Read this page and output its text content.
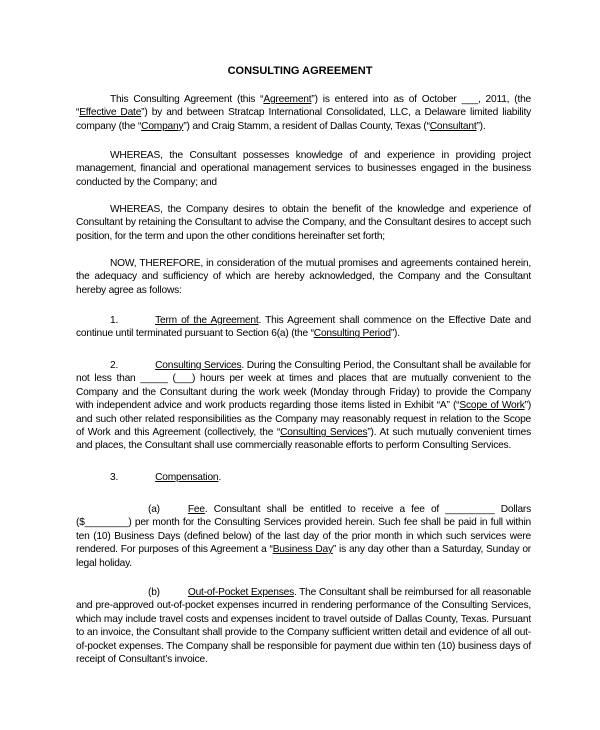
CONSULTING AGREEMENT
This Consulting Agreement (this “Agreement”) is entered into as of October ___, 2011, (the “Effective Date”) by and between Stratcap International Consolidated, LLC, a Delaware limited liability company (the “Company”) and Craig Stamm, a resident of Dallas County, Texas (“Consultant”).
WHEREAS, the Consultant possesses knowledge of and experience in providing project management, financial and operational management services to businesses engaged in the business conducted by the Company; and
WHEREAS, the Company desires to obtain the benefit of the knowledge and experience of Consultant by retaining the Consultant to advise the Company, and the Consultant desires to accept such position, for the term and upon the other conditions hereinafter set forth;
NOW, THEREFORE, in consideration of the mutual promises and agreements contained herein, the adequacy and sufficiency of which are hereby acknowledged, the Company and the Consultant hereby agree as follows:
1.	Term of the Agreement. This Agreement shall commence on the Effective Date and continue until terminated pursuant to Section 6(a) (the “Consulting Period”).
2.	Consulting Services. During the Consulting Period, the Consultant shall be available for not less than _____ (___) hours per week at times and places that are mutually convenient to the Company and the Consultant during the work week (Monday through Friday) to provide the Company with independent advice and work products regarding those items listed in Exhibit “A” (“Scope of Work”) and such other related responsibilities as the Company may reasonably request in relation to the Scope of Work and this Agreement (collectively, the “Consulting Services”). At such mutually convenient times and places, the Consultant shall use commercially reasonable efforts to perform Consulting Services.
3.	Compensation.
(a)	Fee. Consultant shall be entitled to receive a fee of _________ Dollars ($________) per month for the Consulting Services provided herein. Such fee shall be paid in full within ten (10) Business Days (defined below) of the last day of the prior month in which such services were rendered. For purposes of this Agreement a “Business Day” is any day other than a Saturday, Sunday or legal holiday.
(b)	Out-of-Pocket Expenses. The Consultant shall be reimbursed for all reasonable and pre-approved out-of-pocket expenses incurred in rendering performance of the Consulting Services, which may include travel costs and expenses incident to travel outside of Dallas County, Texas. Pursuant to an invoice, the Consultant shall provide to the Company sufficient written detail and evidence of all out-of-pocket expenses. The Company shall be responsible for payment due within ten (10) business days of receipt of Consultant’s invoice.
